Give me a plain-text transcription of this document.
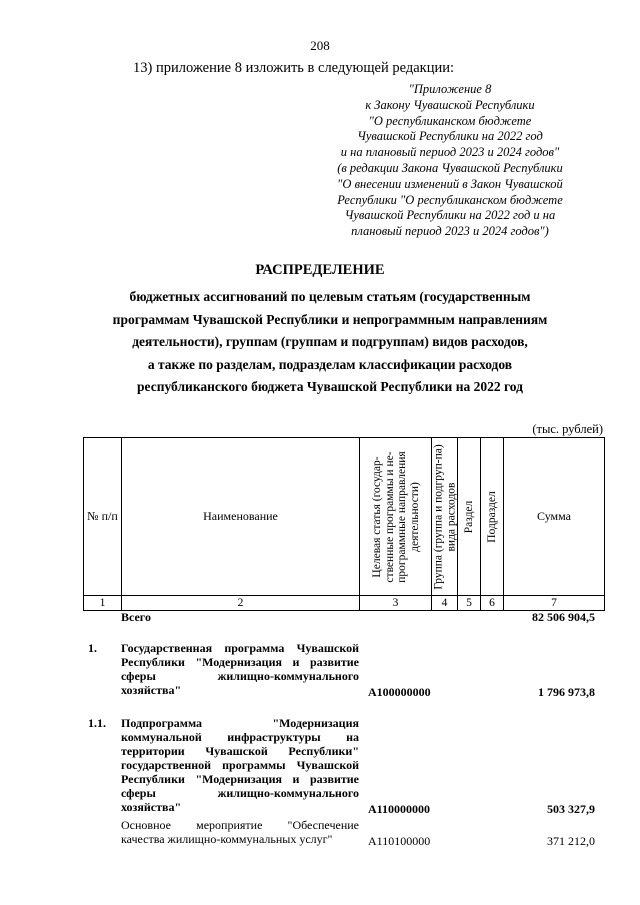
208
13) приложение 8 изложить в следующей редакции:
"Приложение 8
к Закону Чувашской Республики
"О республиканском бюджете
Чувашской Республики на 2022 год
и на плановый период 2023 и 2024 годов"
(в редакции Закона Чувашской Республики
"О внесении изменений в Закон Чувашской
Республики "О республиканском бюджете
Чувашской Республики на 2022 год и на
плановый период 2023 и 2024 годов")
РАСПРЕДЕЛЕНИЕ
бюджетных ассигнований по целевым статьям (государственным
программам Чувашской Республики и непрограммным направлениям
деятельности), группам (группам и подгруппам) видов расходов,
а также по разделам, подразделам классификации расходов
республиканского бюджета Чувашской Республики на 2022 год
(тыс. рублей)
№ п/п	Наименование	Целевая статья (государ-ственные программы и не-программные направления деятельности)	Группа (группа и подгруп-па) вида расходов	Раздел	Подраздел	Сумма
1	2	3	4	5	6	7
Всего	82 506 904,5
1. Государственная программа Чувашской Республики "Модернизация и развитие сферы жилищно-коммунального хозяйства"	А100000000	1 796 973,8
1.1. Подпрограмма "Модернизация коммунальной инфраструктуры на территории Чувашской Республики" государственной программы Чувашской Республики "Модернизация и развитие сферы жилищно-коммунального хозяйства"	А110000000	503 327,9
Основное мероприятие "Обеспечение качества жилищно-коммунальных услуг"	А110100000	371 212,0
